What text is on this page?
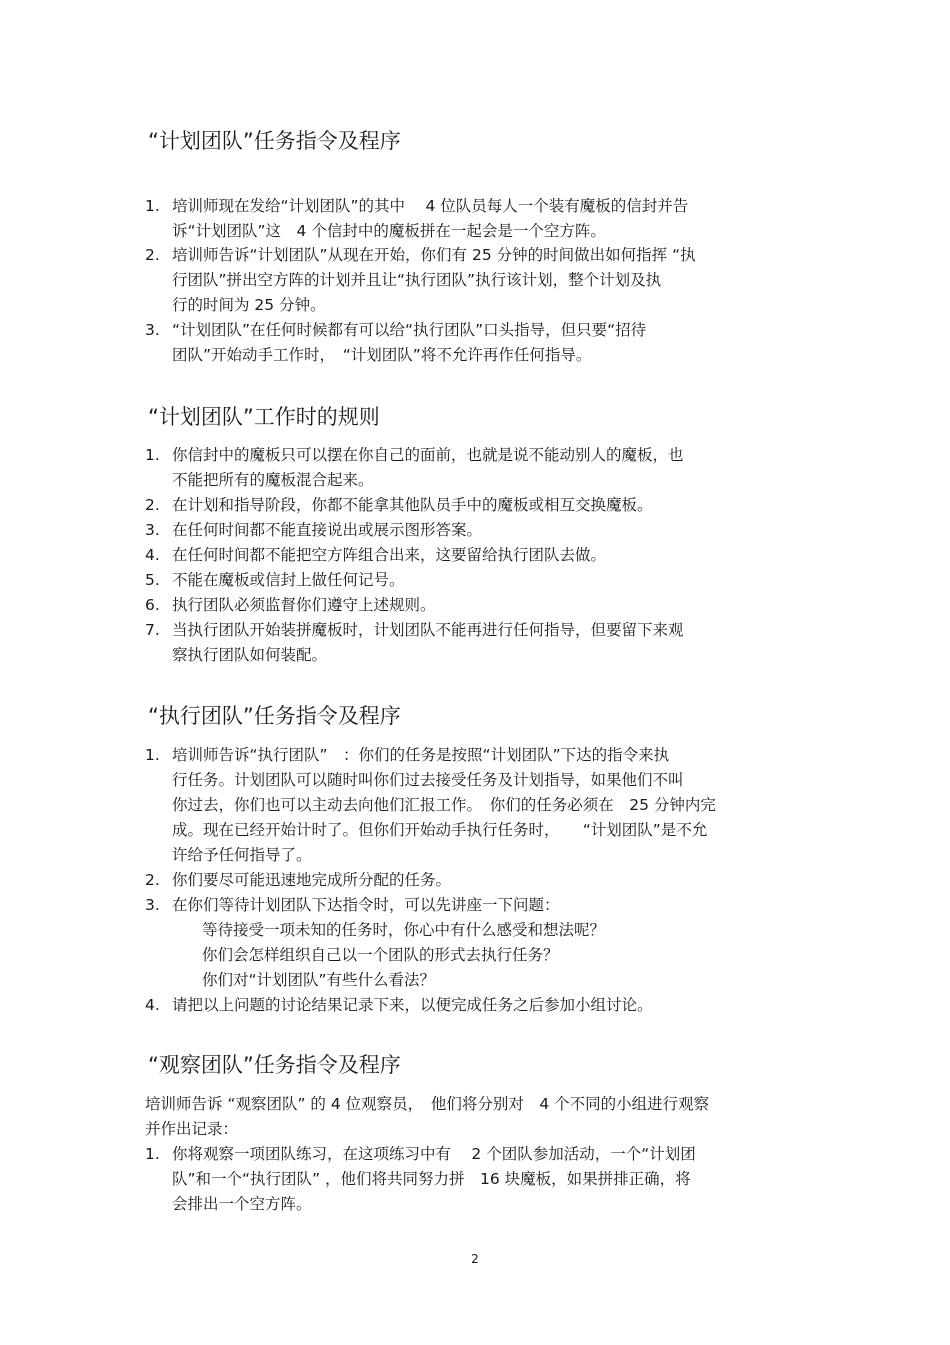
“计划团队”任务指令及程序
1. 培训师现在发给“计划团队”的其中　 4 位队员每人一个装有魔板的信封并告
诉“计划团队”这　4 个信封中的魔板拼在一起会是一个空方阵。
2. 培训师告诉“计划团队”从现在开始，你们有 25 分钟的时间做出如何指挥 “执
行团队”拼出空方阵的计划并且让“执行团队”执行该计划，整个计划及执
行的时间为 25 分钟。
3. “计划团队”在任何时候都有可以给“执行团队”口头指导，但只要“招待
团队”开始动手工作时，　“计划团队”将不允许再作任何指导。
“计划团队”工作时的规则
1. 你信封中的魔板只可以摆在你自己的面前，也就是说不能动别人的魔板，也
不能把所有的魔板混合起来。
2. 在计划和指导阶段，你都不能拿其他队员手中的魔板或相互交换魔板。
3. 在任何时间都不能直接说出或展示图形答案。
4. 在任何时间都不能把空方阵组合出来，这要留给执行团队去做。
5. 不能在魔板或信封上做任何记号。
6. 执行团队必须监督你们遵守上述规则。
7. 当执行团队开始装拼魔板时，计划团队不能再进行任何指导，但要留下来观
察执行团队如何装配。
“执行团队”任务指令及程序
1. 培训师告诉“执行团队”　：你们的任务是按照“计划团队”下达的指令来执
行任务。计划团队可以随时叫你们过去接受任务及计划指导，如果他们不叫
你过去，你们也可以主动去向他们汇报工作。　你们的任务必须在　25 分钟内完
成。现在已经开始计时了。但你们开始动手执行任务时，　　“计划团队”是不允
许给予任何指导了。
2. 你们要尽可能迅速地完成所分配的任务。
3. 在你们等待计划团队下达指令时，可以先讲座一下问题：
等待接受一项未知的任务时，你心中有什么感受和想法呢？
你们会怎样组织自己以一个团队的形式去执行任务？
你们对“计划团队”有些什么看法？
4. 请把以上问题的讨论结果记录下来，以便完成任务之后参加小组讨论。
“观察团队”任务指令及程序
培训师告诉 “观察团队” 的 4 位观察员，　他们将分别对　4 个不同的小组进行观察
并作出记录：
1. 你将观察一项团队练习，在这项练习中有　 2 个团队参加活动，一个“计划团
队”和一个“执行团队” ，他们将共同努力拼　16 块魔板，如果拼排正确，将
会排出一个空方阵。
2
